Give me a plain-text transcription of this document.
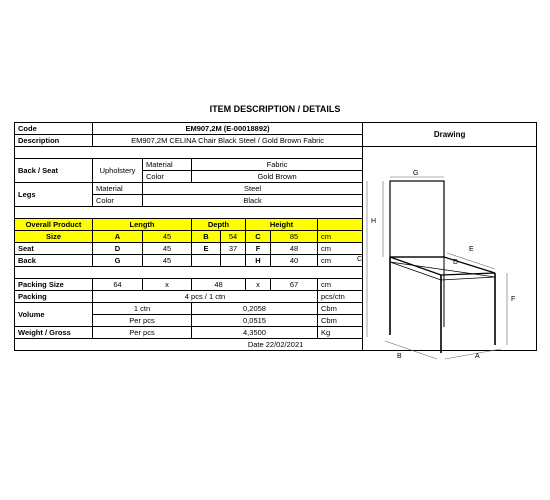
ITEM DESCRIPTION / DETAILS
Code	EM907,2M (E-00018892)							Drawing
Description	EM907,2M CELINA Chair Black Steel / Gold Brown Fabric							

Back / Seat	Upholstery	Material	Fabric					
		Color	Gold Brown					
Legs	Material	Steel						
	Color	Black						

Overall Product	Length		Depth		Height			
Size	A	45	B	54	C	85	cm	
Seat	D	45	E	37	F	48	cm	
Back	G	45			H	40	cm	

Packing Size	64	x	48		x	67	cm	
Packing	4 pcs / 1 ctn						pcs/ctn	
Volume	1 ctn		0,2058				Cbm	
	Per pcs		0,0515				Cbm	
Weight / Gross	Per pcs		4,3500				Kg	
Date 22/02/2021								
G
H
C
E
D
F
B	A
